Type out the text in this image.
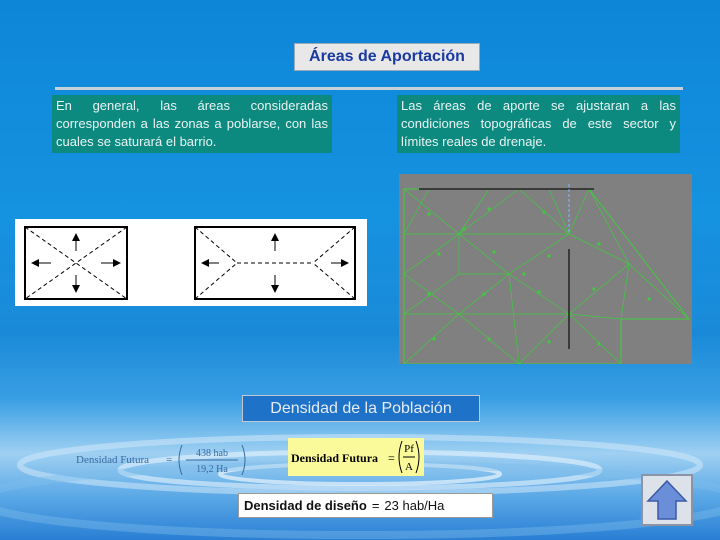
Áreas de Aportación
En general, las áreas consideradas corresponden a las zonas a poblarse, con las cuales se saturará el barrio.
Las áreas de aporte se ajustaran a las condiciones topográficas de este sector y límites reales de drenaje.
Densidad de la Población
Densidad Futura =
438 hab
19,2 Ha
Densidad Futura =
Pf
A
Densidad de diseño = 23 hab/Ha
